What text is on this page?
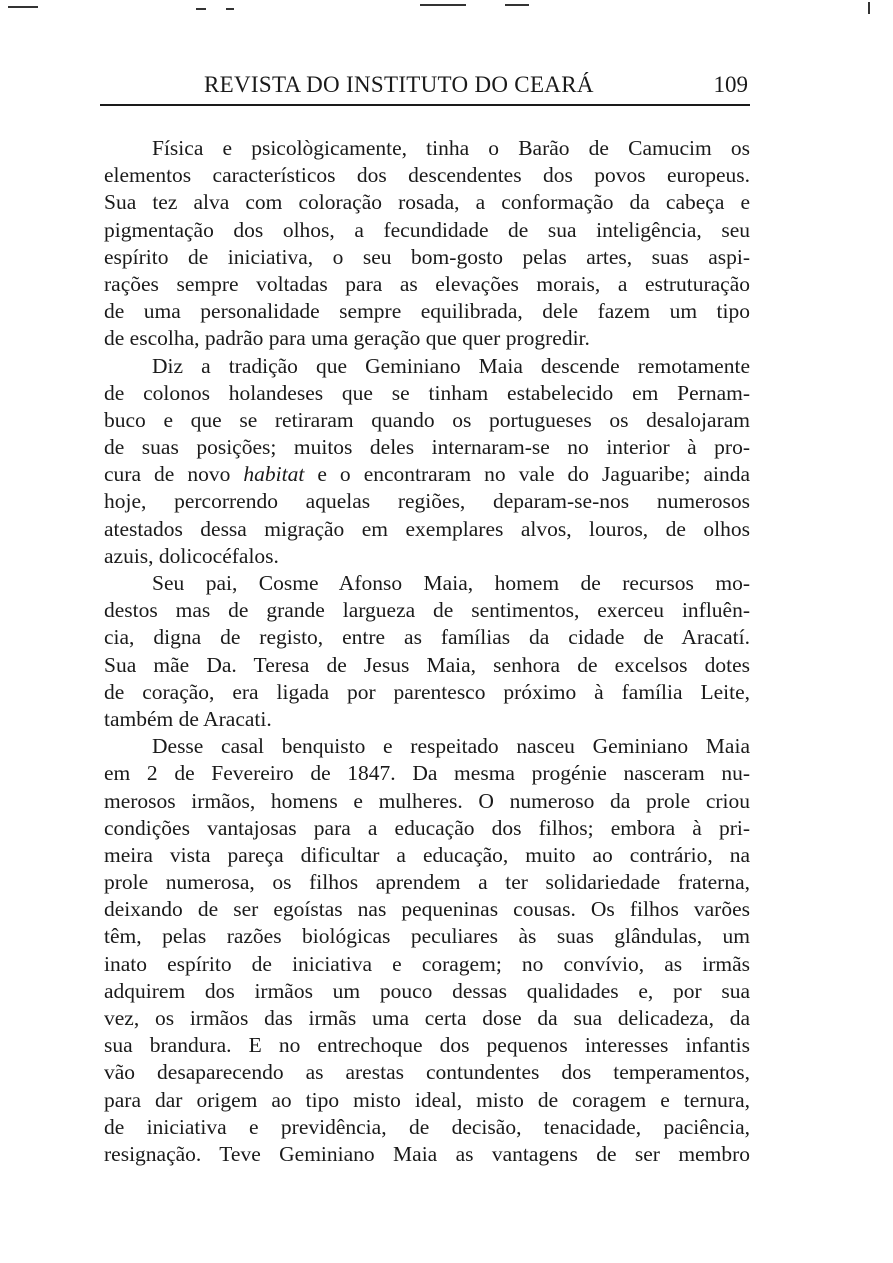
REVISTA DO INSTITUTO DO CEARÁ	109
Física e psicològicamente, tinha o Barão de Camucim os
elementos característicos dos descendentes dos povos europeus.
Sua tez alva com coloração rosada, a conformação da cabeça e
pigmentação dos olhos, a fecundidade de sua inteligência, seu
espírito de iniciativa, o seu bom-gosto pelas artes, suas aspi-
rações sempre voltadas para as elevações morais, a estruturação
de uma personalidade sempre equilibrada, dele fazem um tipo
de escolha, padrão para uma geração que quer progredir.
Diz a tradição que Geminiano Maia descende remotamente
de colonos holandeses que se tinham estabelecido em Pernam-
buco e que se retiraram quando os portugueses os desalojaram
de suas posições; muitos deles internaram-se no interior à pro-
cura de novo habitat e o encontraram no vale do Jaguaribe; ainda
hoje, percorrendo aquelas regiões, deparam-se-nos numerosos
atestados dessa migração em exemplares alvos, louros, de olhos
azuis, dolicocéfalos.
Seu pai, Cosme Afonso Maia, homem de recursos mo-
destos mas de grande largueza de sentimentos, exerceu influên-
cia, digna de registo, entre as famílias da cidade de Aracatí.
Sua mãe Da. Teresa de Jesus Maia, senhora de excelsos dotes
de coração, era ligada por parentesco próximo à família Leite,
também de Aracati.
Desse casal benquisto e respeitado nasceu Geminiano Maia
em 2 de Fevereiro de 1847. Da mesma progénie nasceram nu-
merosos irmãos, homens e mulheres. O numeroso da prole criou
condições vantajosas para a educação dos filhos; embora à pri-
meira vista pareça dificultar a educação, muito ao contrário, na
prole numerosa, os filhos aprendem a ter solidariedade fraterna,
deixando de ser egoístas nas pequeninas cousas. Os filhos varões
têm, pelas razões biológicas peculiares às suas glândulas, um
inato espírito de iniciativa e coragem; no convívio, as irmãs
adquirem dos irmãos um pouco dessas qualidades e, por sua
vez, os irmãos das irmãs uma certa dose da sua delicadeza, da
sua brandura. E no entrechoque dos pequenos interesses infantis
vão desaparecendo as arestas contundentes dos temperamentos,
para dar origem ao tipo misto ideal, misto de coragem e ternura,
de iniciativa e previdência, de decisão, tenacidade, paciência,
resignação. Teve Geminiano Maia as vantagens de ser membro
